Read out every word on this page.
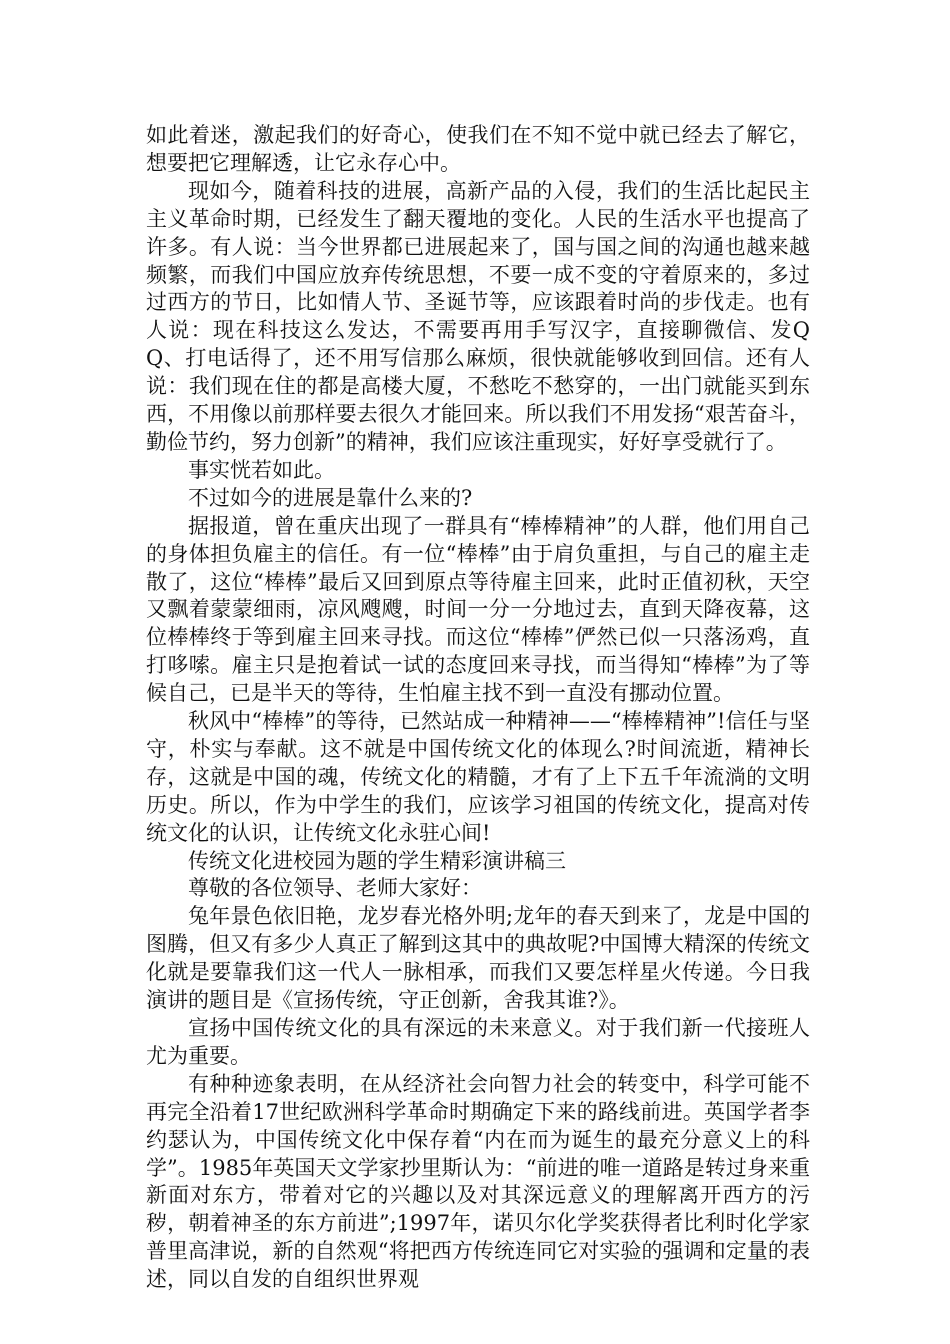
如此着迷，激起我们的好奇心，使我们在不知不觉中就已经去了解它，想要把它理解透，让它永存心中。

现如今，随着科技的进展，高新产品的入侵，我们的生活比起民主主义革命时期，已经发生了翻天覆地的变化。人民的生活水平也提高了许多。有人说：当今世界都已进展起来了，国与国之间的沟通也越来越频繁，而我们中国应放弃传统思想，不要一成不变的守着原来的，多过过西方的节日，比如情人节、圣诞节等，应该跟着时尚的步伐走。也有人说：现在科技这么发达，不需要再用手写汉字，直接聊微信、发QQ、打电话得了，还不用写信那么麻烦，很快就能够收到回信。还有人说：我们现在住的都是高楼大厦，不愁吃不愁穿的，一出门就能买到东西，不用像以前那样要去很久才能回来。所以我们不用发扬“艰苦奋斗，勤俭节约，努力创新”的精神，我们应该注重现实，好好享受就行了。

事实恍若如此。

不过如今的进展是靠什么来的?

据报道，曾在重庆出现了一群具有“棒棒精神”的人群，他们用自己的身体担负雇主的信任。有一位“棒棒”由于肩负重担，与自己的雇主走散了，这位“棒棒”最后又回到原点等待雇主回来，此时正值初秋，天空又飘着蒙蒙细雨，凉风飕飕，时间一分一分地过去，直到天降夜幕，这位棒棒终于等到雇主回来寻找。而这位“棒棒”俨然已似一只落汤鸡，直打哆嗦。雇主只是抱着试一试的态度回来寻找，而当得知“棒棒”为了等候自己，已是半天的等待，生怕雇主找不到一直没有挪动位置。

秋风中“棒棒”的等待，已然站成一种精神——“棒棒精神”!信任与坚守，朴实与奉献。这不就是中国传统文化的体现么?时间流逝，精神长存，这就是中国的魂，传统文化的精髓，才有了上下五千年流淌的文明历史。所以，作为中学生的我们，应该学习祖国的传统文化，提高对传统文化的认识，让传统文化永驻心间!

传统文化进校园为题的学生精彩演讲稿三

尊敬的各位领导、老师大家好：

兔年景色依旧艳，龙岁春光格外明;龙年的春天到来了，龙是中国的图腾，但又有多少人真正了解到这其中的典故呢?中国博大精深的传统文化就是要靠我们这一代人一脉相承，而我们又要怎样星火传递。今日我演讲的题目是《宣扬传统，守正创新，舍我其谁?》。

宣扬中国传统文化的具有深远的未来意义。对于我们新一代接班人尤为重要。

有种种迹象表明，在从经济社会向智力社会的转变中，科学可能不再完全沿着17世纪欧洲科学革命时期确定下来的路线前进。英国学者李约瑟认为，中国传统文化中保存着“内在而为诞生的最充分意义上的科学”。1985年英国天文学家抄里斯认为：“前进的唯一道路是转过身来重新面对东方，带着对它的兴趣以及对其深远意义的理解离开西方的污秽，朝着神圣的东方前进”;1997年，诺贝尔化学奖获得者比利时化学家普里高津说，新的自然观“将把西方传统连同它对实验的强调和定量的表述，同以自发的自组织世界观
